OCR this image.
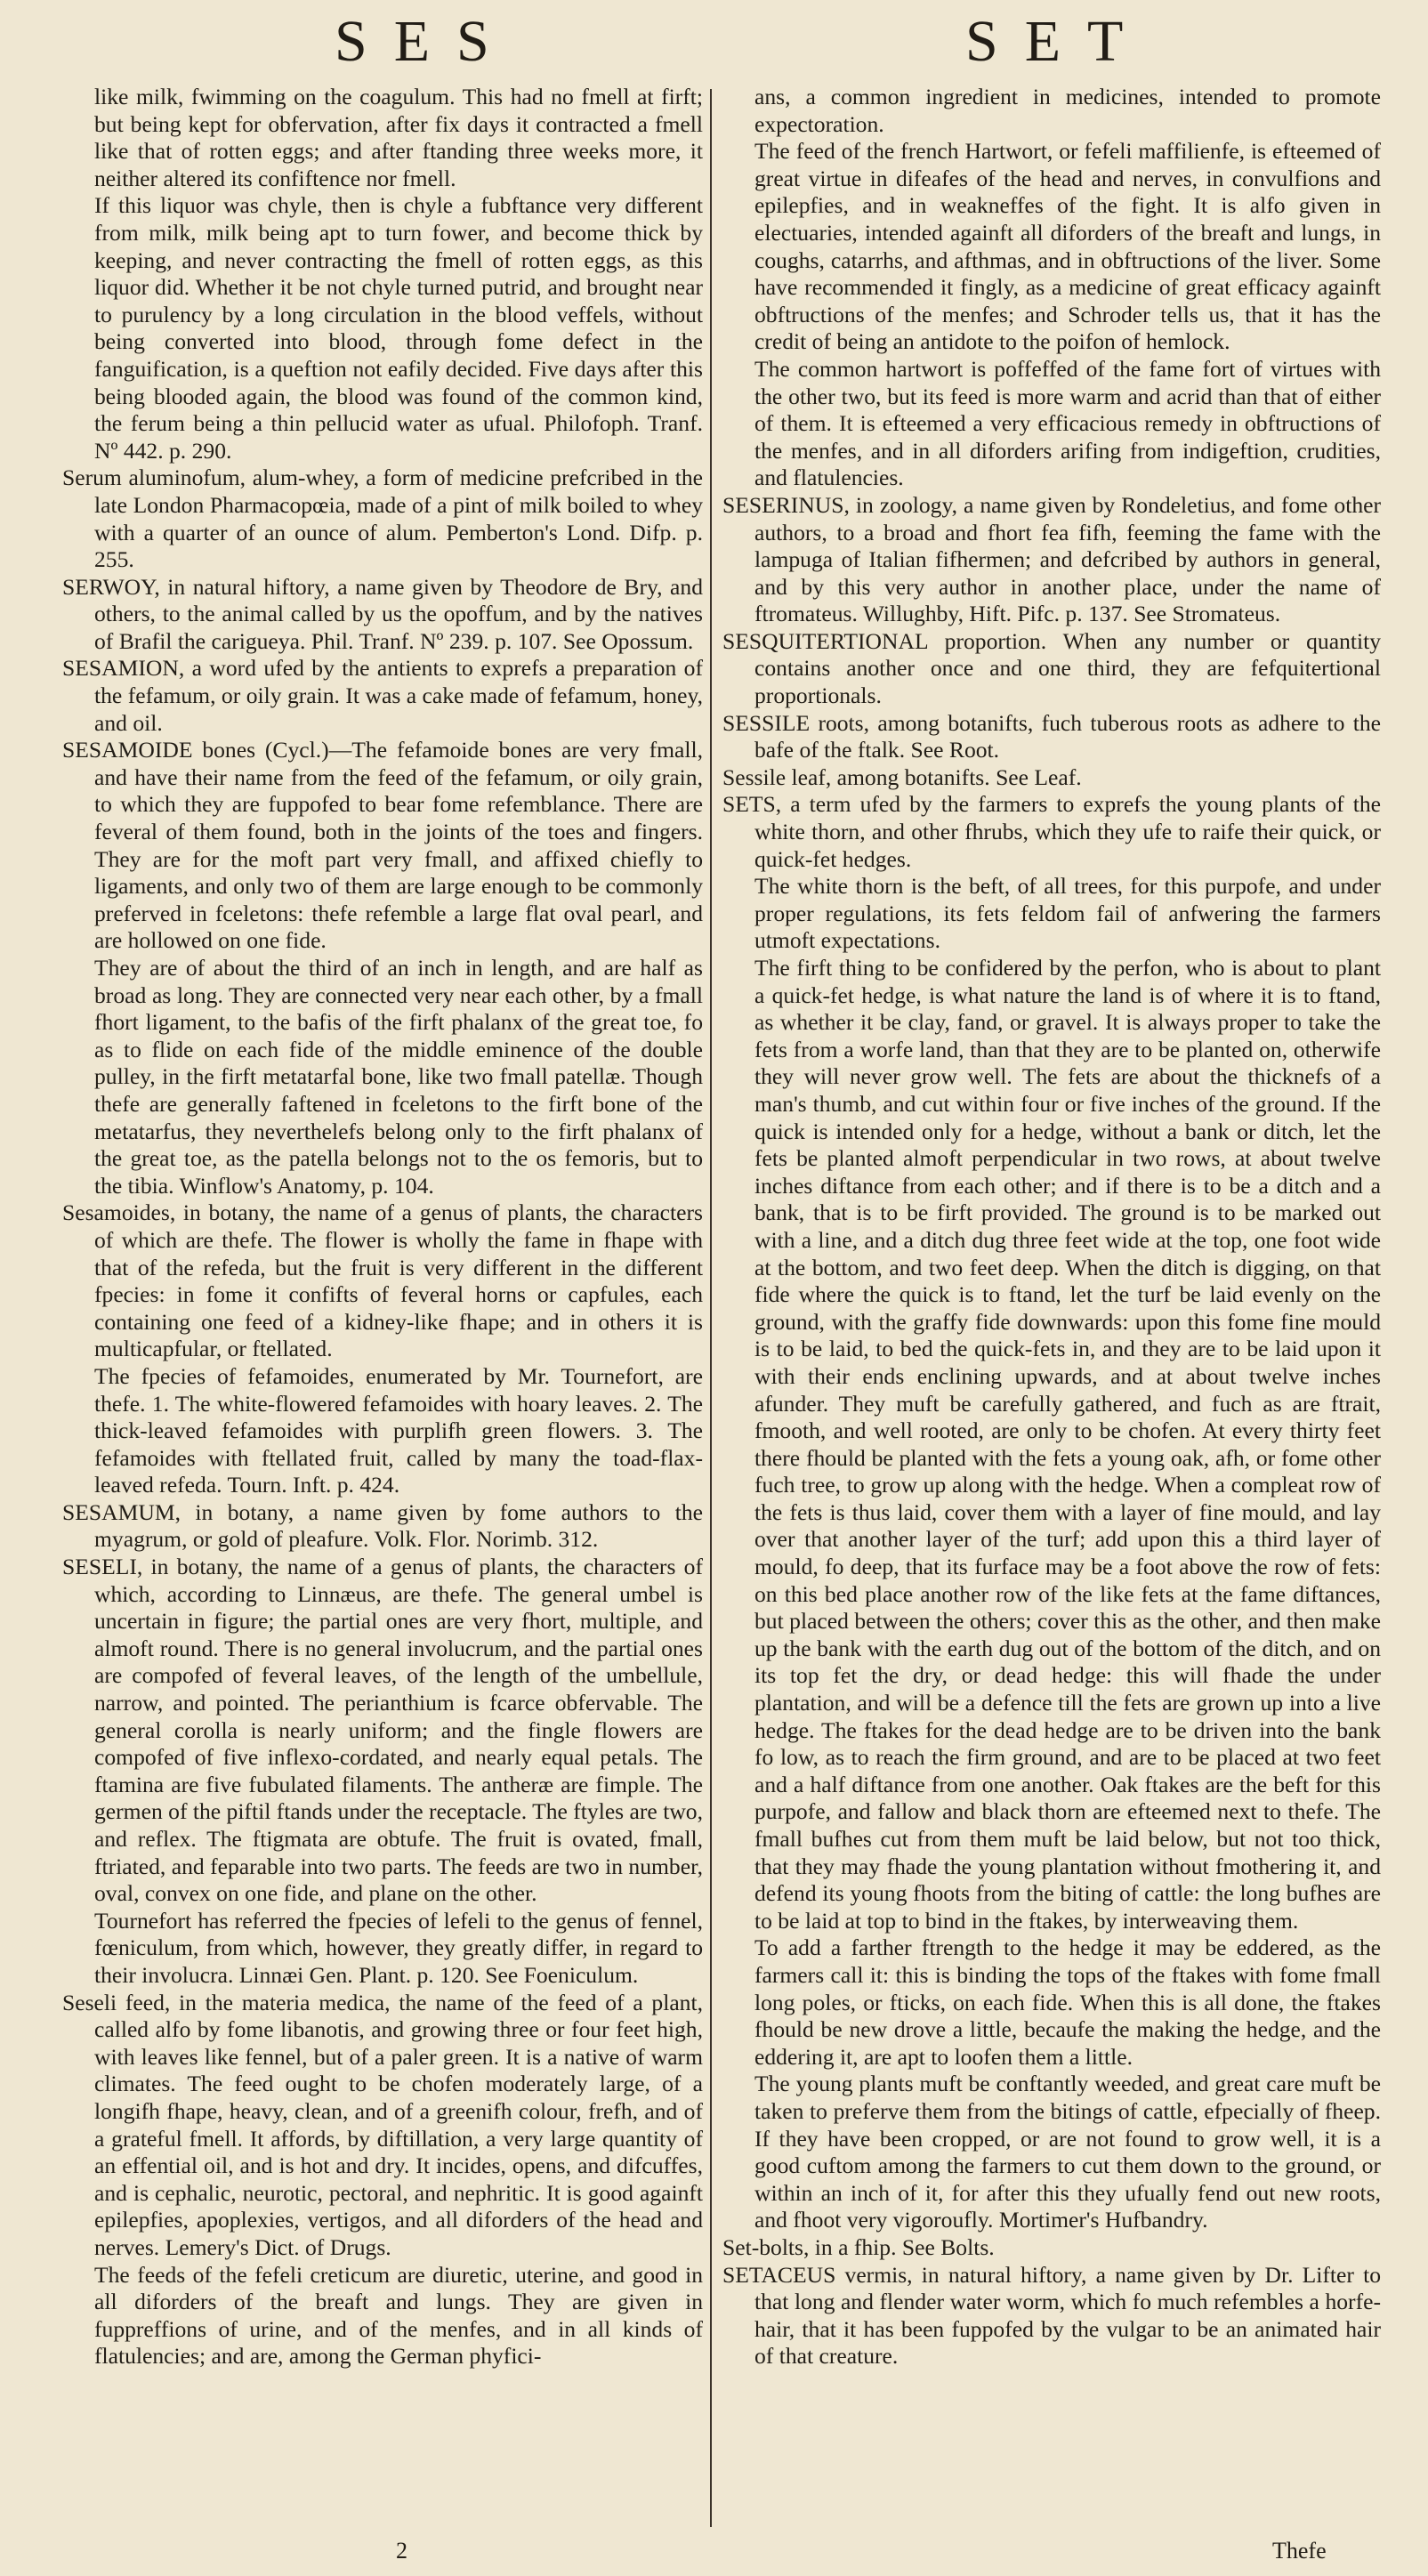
SES	SET

like milk, fwimming on the coagulum. This had no fmell at firft; but being kept for obfervation, after fix days it contracted a fmell like that of rotten eggs; and after ftanding three weeks more, it neither altered its confiftence nor fmell.

If this liquor was chyle, then is chyle a fubftance very different from milk, milk being apt to turn fower, and become thick by keeping, and never contracting the fmell of rotten eggs, as this liquor did. Whether it be not chyle turned putrid, and brought near to purulency by a long circulation in the blood veffels, without being converted into blood, through fome defect in the fanguification, is a queftion not eafily decided. Five days after this being blooded again, the blood was found of the common kind, the ferum being a thin pellucid water as ufual. Philofoph. Tranf. Nº 442. p. 290.

Serum aluminofum, alum-whey, a form of medicine prefcribed in the late London Pharmacopœia, made of a pint of milk boiled to whey with a quarter of an ounce of alum. Pemberton's Lond. Difp. p. 255.

SERWOY, in natural hiftory, a name given by Theodore de Bry, and others, to the animal called by us the opoffum, and by the natives of Brafil the carigueya. Phil. Tranf. Nº 239. p. 107. See Opossum.

SESAMION, a word ufed by the antients to exprefs a preparation of the fefamum, or oily grain. It was a cake made of fefamum, honey, and oil.

SESAMOIDE bones (Cycl.)—The fefamoide bones are very fmall, and have their name from the feed of the fefamum, or oily grain, to which they are fuppofed to bear fome refemblance. There are feveral of them found, both in the joints of the toes and fingers. They are for the moft part very fmall, and affixed chiefly to ligaments, and only two of them are large enough to be commonly preferved in fceletons: thefe refemble a large flat oval pearl, and are hollowed on one fide.

They are of about the third of an inch in length, and are half as broad as long. They are connected very near each other, by a fmall fhort ligament, to the bafis of the firft phalanx of the great toe, fo as to flide on each fide of the middle eminence of the double pulley, in the firft metatarfal bone, like two fmall patellæ. Though thefe are generally faftened in fceletons to the firft bone of the metatarfus, they neverthelefs belong only to the firft phalanx of the great toe, as the patella belongs not to the os femoris, but to the tibia. Winflow's Anatomy, p. 104.

Sesamoides, in botany, the name of a genus of plants, the characters of which are thefe. The flower is wholly the fame in fhape with that of the refeda, but the fruit is very different in the different fpecies: in fome it confifts of feveral horns or capfules, each containing one feed of a kidney-like fhape; and in others it is multicapfular, or ftellated.

The fpecies of fefamoides, enumerated by Mr. Tournefort, are thefe. 1. The white-flowered fefamoides with hoary leaves. 2. The thick-leaved fefamoides with purplifh green flowers. 3. The fefamoides with ftellated fruit, called by many the toad-flax-leaved refeda. Tourn. Inft. p. 424.

SESAMUM, in botany, a name given by fome authors to the myagrum, or gold of pleafure. Volk. Flor. Norimb. 312.

SESELI, in botany, the name of a genus of plants, the characters of which, according to Linnæus, are thefe. The general umbel is uncertain in figure; the partial ones are very fhort, multiple, and almoft round. There is no general involucrum, and the partial ones are compofed of feveral leaves, of the length of the umbellule, narrow, and pointed. The perianthium is fcarce obfervable. The general corolla is nearly uniform; and the fingle flowers are compofed of five inflexo-cordated, and nearly equal petals. The ftamina are five fubulated filaments. The antheræ are fimple. The germen of the piftil ftands under the receptacle. The ftyles are two, and reflex. The ftigmata are obtufe. The fruit is ovated, fmall, ftriated, and feparable into two parts. The feeds are two in number, oval, convex on one fide, and plane on the other.

Tournefort has referred the fpecies of lefeli to the genus of fennel, fœniculum, from which, however, they greatly differ, in regard to their involucra. Linnæi Gen. Plant. p. 120. See Foeniculum.

Seseli feed, in the materia medica, the name of the feed of a plant, called alfo by fome libanotis, and growing three or four feet high, with leaves like fennel, but of a paler green. It is a native of warm climates. The feed ought to be chofen moderately large, of a longifh fhape, heavy, clean, and of a greenifh colour, frefh, and of a grateful fmell. It affords, by diftillation, a very large quantity of an effential oil, and is hot and dry. It incides, opens, and difcuffes, and is cephalic, neurotic, pectoral, and nephritic. It is good againft epilepfies, apoplexies, vertigos, and all diforders of the head and nerves. Lemery's Dict. of Drugs.

The feeds of the fefeli creticum are diuretic, uterine, and good in all diforders of the breaft and lungs. They are given in fuppreffions of urine, and of the menfes, and in all kinds of flatulencies; and are, among the German phyfici-

ans, a common ingredient in medicines, intended to promote expectoration.

The feed of the french Hartwort, or fefeli maffilienfe, is efteemed of great virtue in difeafes of the head and nerves, in convulfions and epilepfies, and in weakneffes of the fight. It is alfo given in electuaries, intended againft all diforders of the breaft and lungs, in coughs, catarrhs, and afthmas, and in obftructions of the liver. Some have recommended it fingly, as a medicine of great efficacy againft obftructions of the menfes; and Schroder tells us, that it has the credit of being an antidote to the poifon of hemlock.

The common hartwort is poffeffed of the fame fort of virtues with the other two, but its feed is more warm and acrid than that of either of them. It is efteemed a very efficacious remedy in obftructions of the menfes, and in all diforders arifing from indigeftion, crudities, and flatulencies.

SESERINUS, in zoology, a name given by Rondeletius, and fome other authors, to a broad and fhort fea fifh, feeming the fame with the lampuga of Italian fifhermen; and defcribed by authors in general, and by this very author in another place, under the name of ftromateus. Willughby, Hift. Pifc. p. 137. See Stromateus.

SESQUITERTIONAL proportion. When any number or quantity contains another once and one third, they are fefquitertional proportionals.

SESSILE roots, among botanifts, fuch tuberous roots as adhere to the bafe of the ftalk. See Root.

Sessile leaf, among botanifts. See Leaf.

SETS, a term ufed by the farmers to exprefs the young plants of the white thorn, and other fhrubs, which they ufe to raife their quick, or quick-fet hedges.

The white thorn is the beft, of all trees, for this purpofe, and under proper regulations, its fets feldom fail of anfwering the farmers utmoft expectations.

The firft thing to be confidered by the perfon, who is about to plant a quick-fet hedge, is what nature the land is of where it is to ftand, as whether it be clay, fand, or gravel. It is always proper to take the fets from a worfe land, than that they are to be planted on, otherwife they will never grow well. The fets are about the thicknefs of a man's thumb, and cut within four or five inches of the ground. If the quick is intended only for a hedge, without a bank or ditch, let the fets be planted almoft perpendicular in two rows, at about twelve inches diftance from each other; and if there is to be a ditch and a bank, that is to be firft provided. The ground is to be marked out with a line, and a ditch dug three feet wide at the top, one foot wide at the bottom, and two feet deep. When the ditch is digging, on that fide where the quick is to ftand, let the turf be laid evenly on the ground, with the graffy fide downwards: upon this fome fine mould is to be laid, to bed the quick-fets in, and they are to be laid upon it with their ends enclining upwards, and at about twelve inches afunder. They muft be carefully gathered, and fuch as are ftrait, fmooth, and well rooted, are only to be chofen. At every thirty feet there fhould be planted with the fets a young oak, afh, or fome other fuch tree, to grow up along with the hedge. When a compleat row of the fets is thus laid, cover them with a layer of fine mould, and lay over that another layer of the turf; add upon this a third layer of mould, fo deep, that its furface may be a foot above the row of fets: on this bed place another row of the like fets at the fame diftances, but placed between the others; cover this as the other, and then make up the bank with the earth dug out of the bottom of the ditch, and on its top fet the dry, or dead hedge: this will fhade the under plantation, and will be a defence till the fets are grown up into a live hedge. The ftakes for the dead hedge are to be driven into the bank fo low, as to reach the firm ground, and are to be placed at two feet and a half diftance from one another. Oak ftakes are the beft for this purpofe, and fallow and black thorn are efteemed next to thefe. The fmall bufhes cut from them muft be laid below, but not too thick, that they may fhade the young plantation without fmothering it, and defend its young fhoots from the biting of cattle: the long bufhes are to be laid at top to bind in the ftakes, by interweaving them.

To add a farther ftrength to the hedge it may be eddered, as the farmers call it: this is binding the tops of the ftakes with fome fmall long poles, or fticks, on each fide. When this is all done, the ftakes fhould be new drove a little, becaufe the making the hedge, and the eddering it, are apt to loofen them a little.

The young plants muft be conftantly weeded, and great care muft be taken to preferve them from the bitings of cattle, efpecially of fheep. If they have been cropped, or are not found to grow well, it is a good cuftom among the farmers to cut them down to the ground, or within an inch of it, for after this they ufually fend out new roots, and fhoot very vigoroufly. Mortimer's Hufbandry.

Set-bolts, in a fhip. See Bolts.

SETACEUS vermis, in natural hiftory, a name given by Dr. Lifter to that long and flender water worm, which fo much refembles a horfe-hair, that it has been fuppofed by the vulgar to be an animated hair of that creature.

2	Thefe
